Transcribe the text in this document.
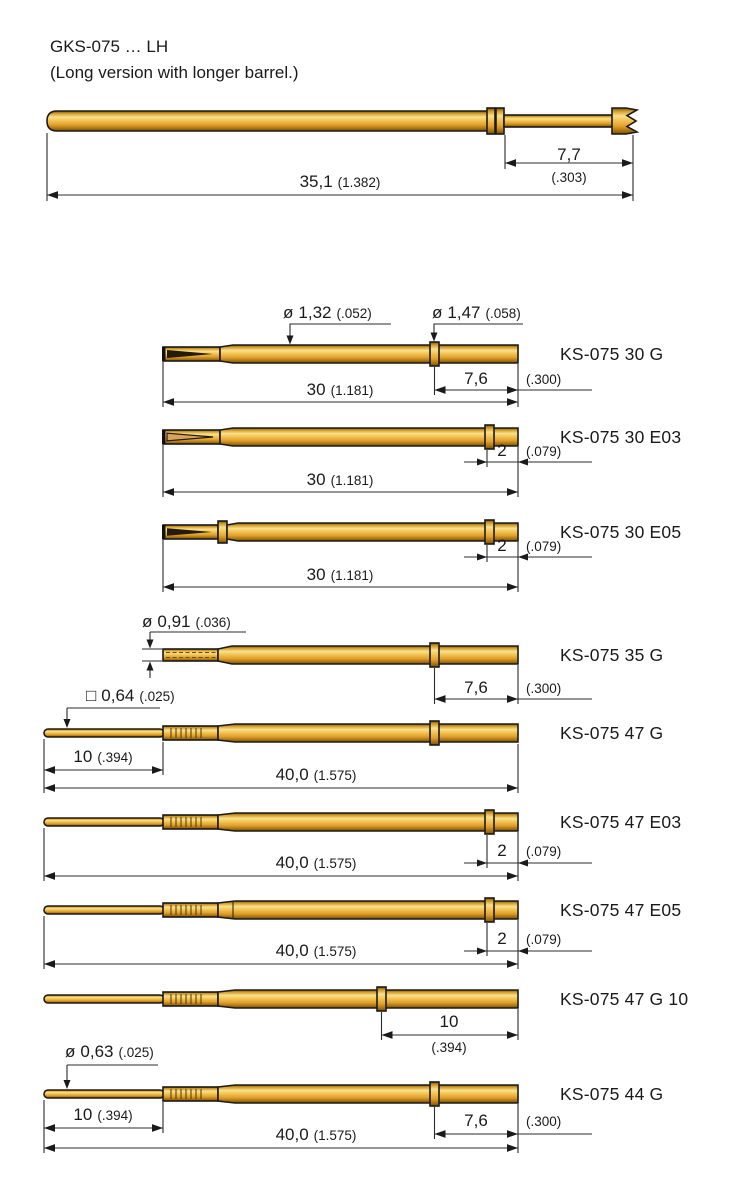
GKS-075 … LH
(Long version with longer barrel.)
7,7
(.303)
35,1 (1.382)
ø 1,32 (.052)	ø 1,47 (.058)
KS-075 30 G
7,6	(.300)
30 (1.181)
KS-075 30 E03
2 (.079)
30 (1.181)
KS-075 30 E05
2 (.079)
30 (1.181)
ø 0,91 (.036)
KS-075 35 G
7,6	(.300)
□ 0,64 (.025)
KS-075 47 G
10 (.394)
40,0 (1.575)
KS-075 47 E03
2 (.079)
40,0 (1.575)
KS-075 47 E05
2 (.079)
40,0 (1.575)
KS-075 47 G 10
10
(.394)
ø 0,63 (.025)
KS-075 44 G
10 (.394)	7,6	(.300)
40,0 (1.575)
